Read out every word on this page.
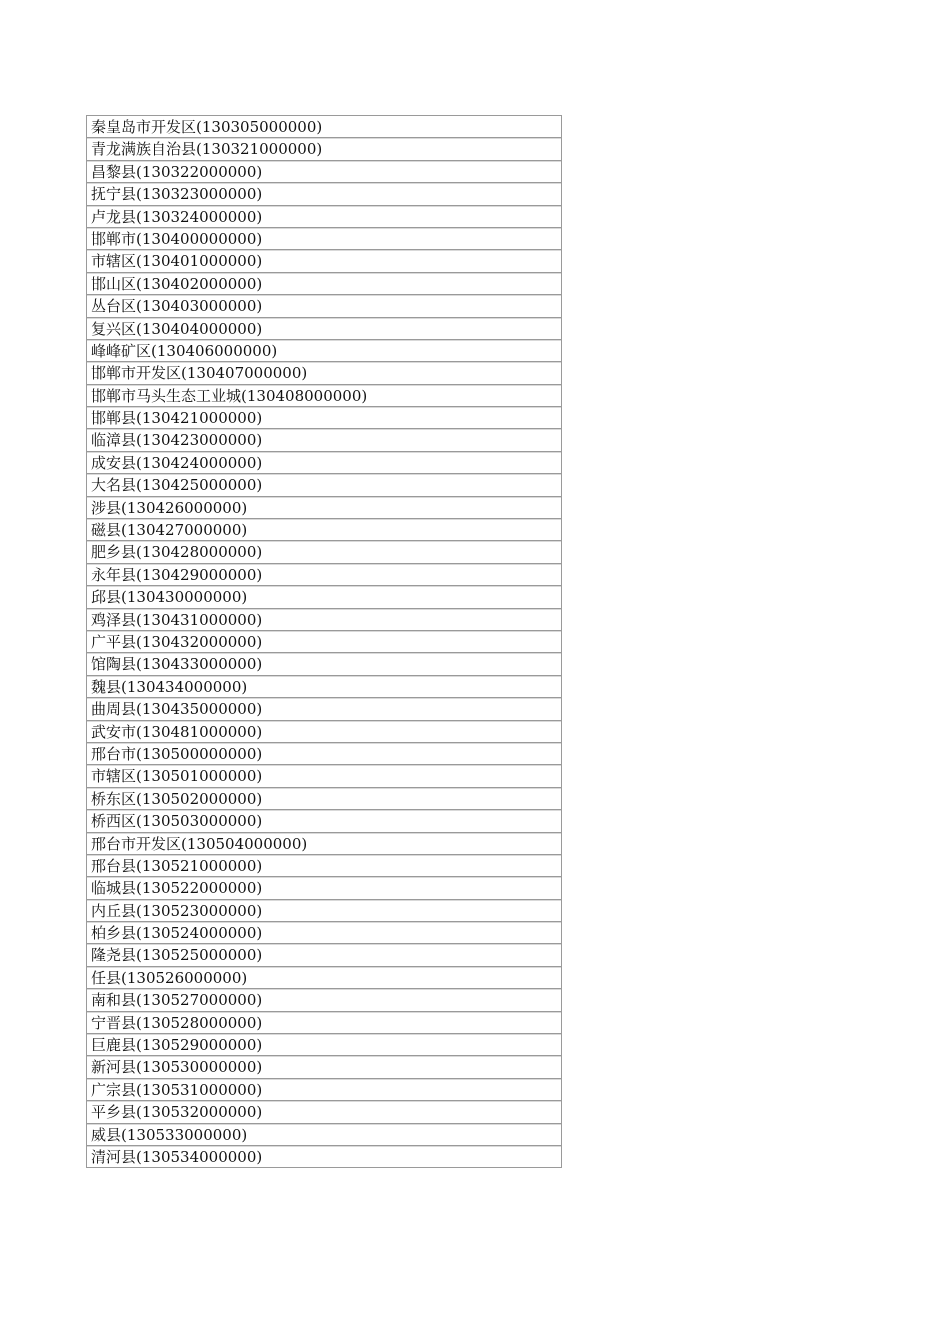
秦皇岛市开发区(130305000000)
青龙满族自治县(130321000000)
昌黎县(130322000000)
抚宁县(130323000000)
卢龙县(130324000000)
邯郸市(130400000000)
市辖区(130401000000)
邯山区(130402000000)
丛台区(130403000000)
复兴区(130404000000)
峰峰矿区(130406000000)
邯郸市开发区(130407000000)
邯郸市马头生态工业城(130408000000)
邯郸县(130421000000)
临漳县(130423000000)
成安县(130424000000)
大名县(130425000000)
涉县(130426000000)
磁县(130427000000)
肥乡县(130428000000)
永年县(130429000000)
邱县(130430000000)
鸡泽县(130431000000)
广平县(130432000000)
馆陶县(130433000000)
魏县(130434000000)
曲周县(130435000000)
武安市(130481000000)
邢台市(130500000000)
市辖区(130501000000)
桥东区(130502000000)
桥西区(130503000000)
邢台市开发区(130504000000)
邢台县(130521000000)
临城县(130522000000)
内丘县(130523000000)
柏乡县(130524000000)
隆尧县(130525000000)
任县(130526000000)
南和县(130527000000)
宁晋县(130528000000)
巨鹿县(130529000000)
新河县(130530000000)
广宗县(130531000000)
平乡县(130532000000)
威县(130533000000)
清河县(130534000000)
